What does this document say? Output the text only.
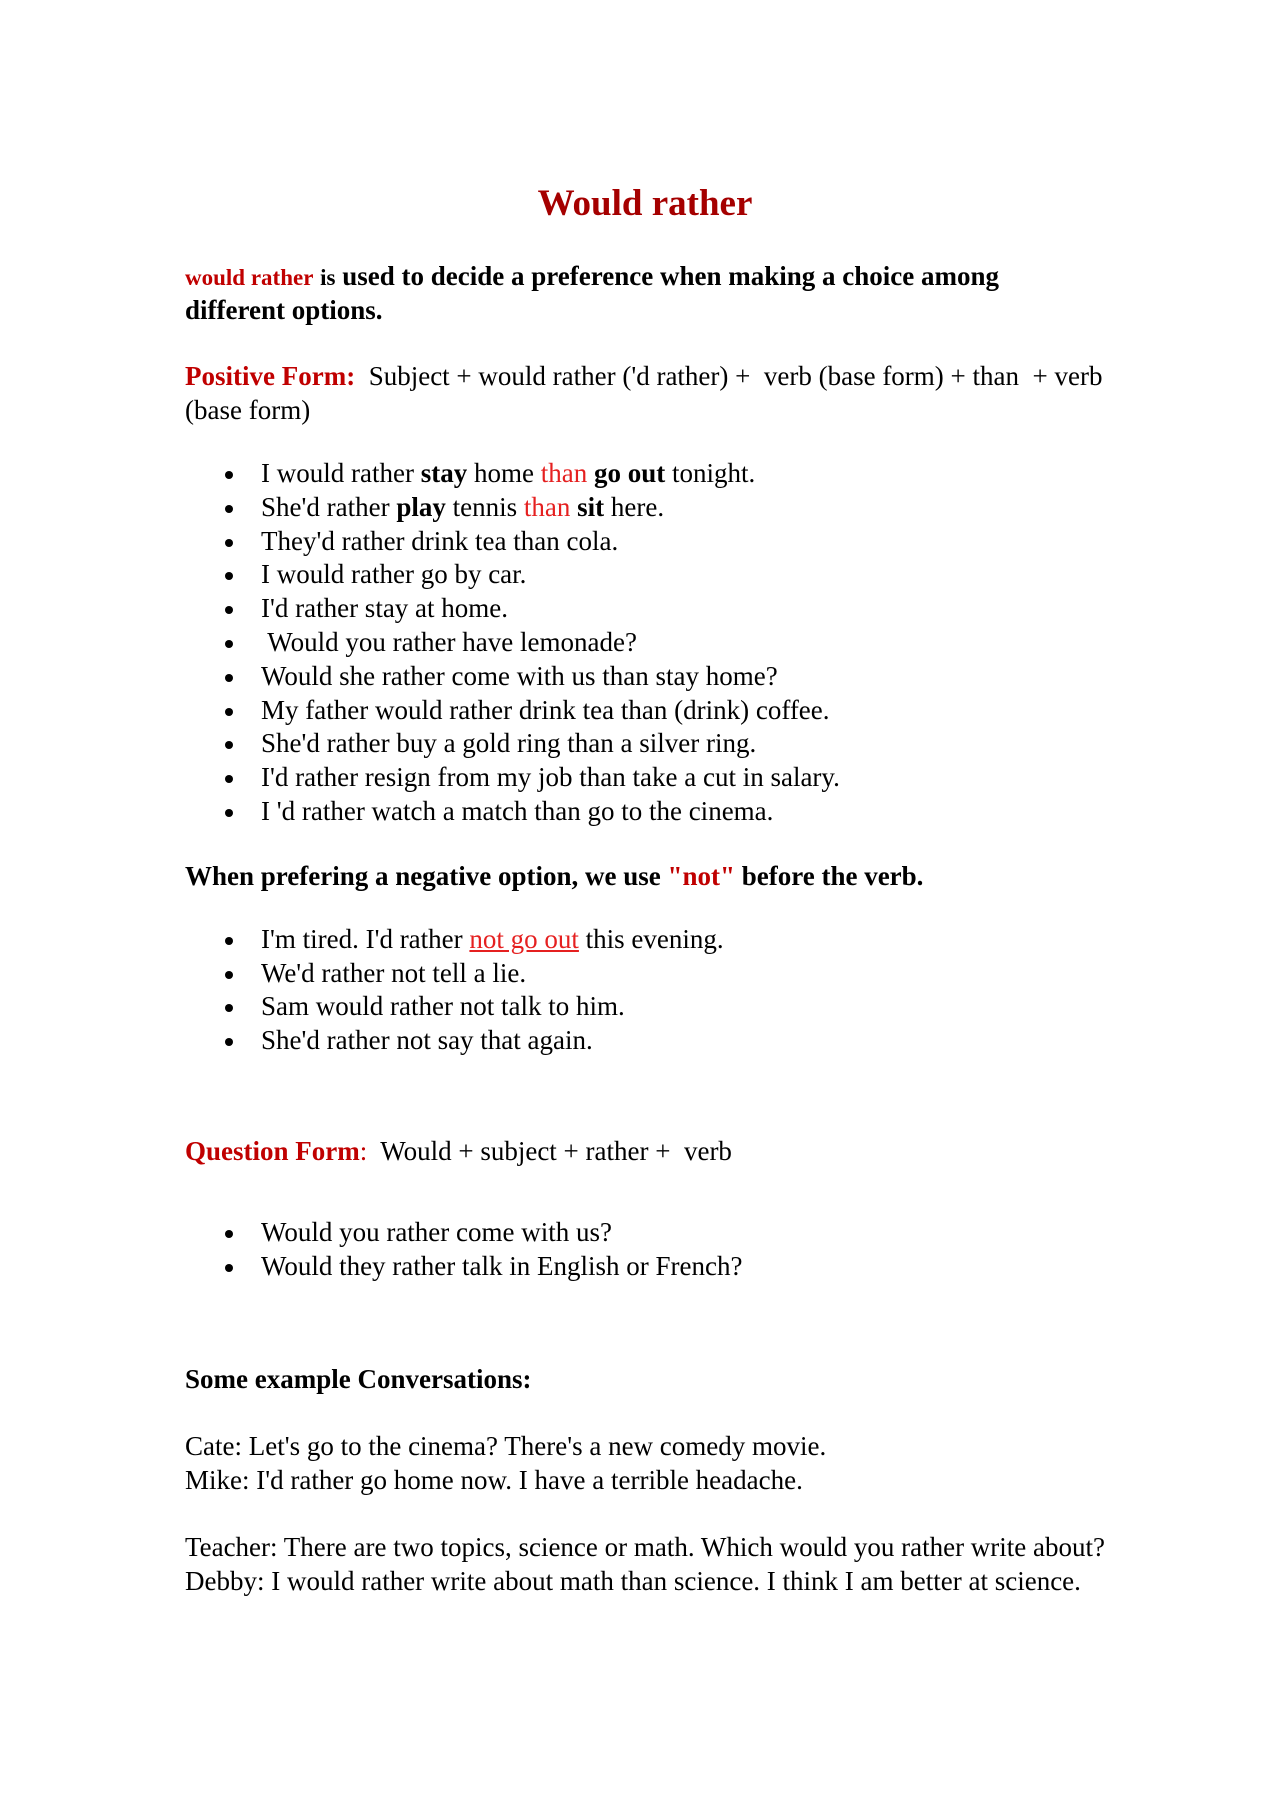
Would rather

would rather is used to decide a preference when making a choice among different options.

Positive Form:  Subject + would rather ('d rather) +  verb (base form) + than  + verb (base form)

I would rather stay home than go out tonight.
She'd rather play tennis than sit here.
They'd rather drink tea than cola.
I would rather go by car.
I'd rather stay at home.
Would you rather have lemonade?
Would she rather come with us than stay home?
My father would rather drink tea than (drink) coffee.
She'd rather buy a gold ring than a silver ring.
I'd rather resign from my job than take a cut in salary.
I 'd rather watch a match than go to the cinema.

When prefering a negative option, we use "not" before the verb.

I'm tired. I'd rather not go out this evening.
We'd rather not tell a lie.
Sam would rather not talk to him.
She'd rather not say that again.

Question Form:  Would + subject + rather +  verb

Would you rather come with us?
Would they rather talk in English or French?

Some example Conversations:

Cate: Let's go to the cinema? There's a new comedy movie.

Mike: I'd rather go home now. I have a terrible headache.

Teacher: There are two topics, science or math. Which would you rather write about?

Debby: I would rather write about math than science. I think I am better at science.
